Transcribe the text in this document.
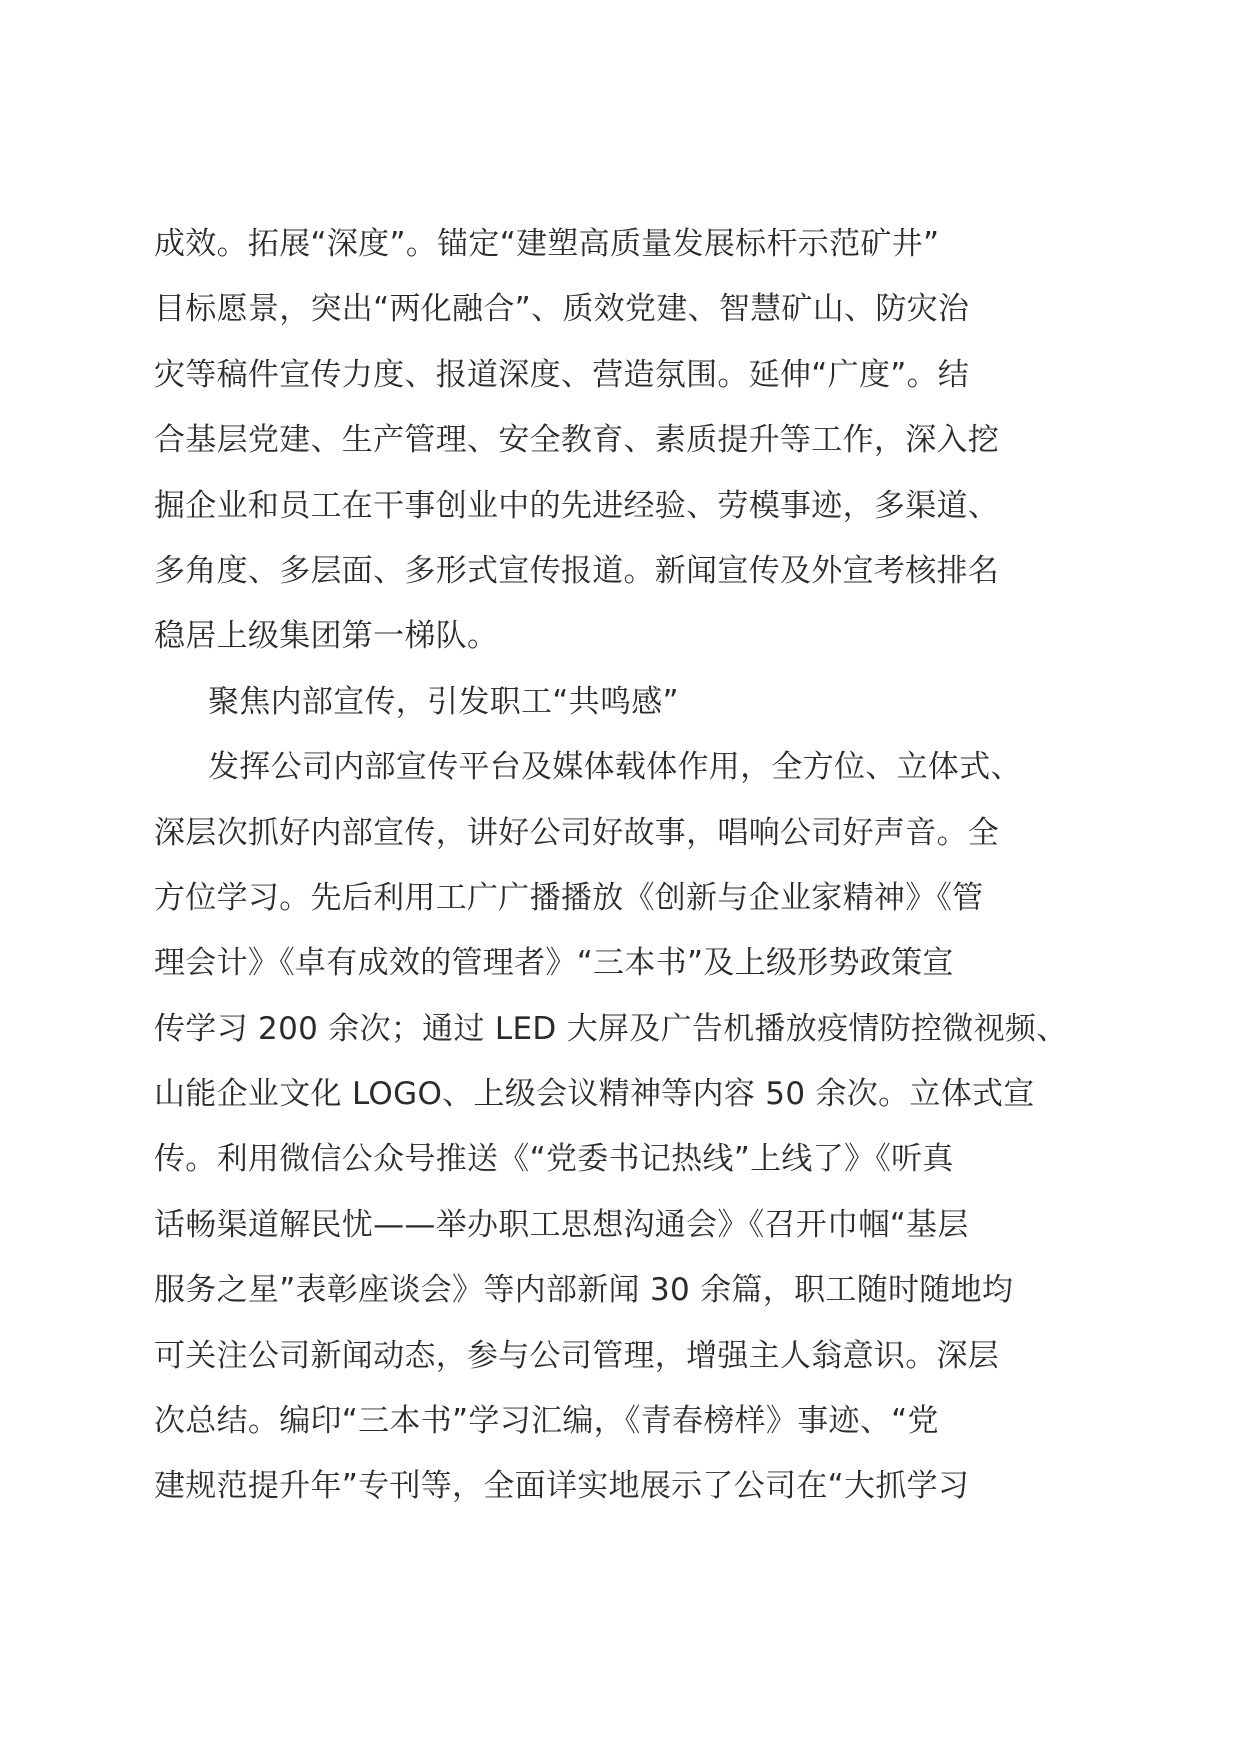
成效。拓展“深度”。锚定“建塑高质量发展标杆示范矿井”
目标愿景，突出“两化融合”、质效党建、智慧矿山、防灾治
灾等稿件宣传力度、报道深度、营造氛围。延伸“广度”。结
合基层党建、生产管理、安全教育、素质提升等工作，深入挖
掘企业和员工在干事创业中的先进经验、劳模事迹，多渠道、
多角度、多层面、多形式宣传报道。新闻宣传及外宣考核排名
稳居上级集团第一梯队。
聚焦内部宣传，引发职工“共鸣感”
发挥公司内部宣传平台及媒体载体作用，全方位、立体式、
深层次抓好内部宣传，讲好公司好故事，唱响公司好声音。全
方位学习。先后利用工广广播播放《创新与企业家精神》《管
理会计》《卓有成效的管理者》“三本书”及上级形势政策宣
传学习 200 余次；通过 LED 大屏及广告机播放疫情防控微视频、
山能企业文化 LOGO、上级会议精神等内容 50 余次。立体式宣
传。利用微信公众号推送《“党委书记热线”上线了》《听真
话畅渠道解民忧——举办职工思想沟通会》《召开巾帼“基层
服务之星”表彰座谈会》等内部新闻 30 余篇，职工随时随地均
可关注公司新闻动态，参与公司管理，增强主人翁意识。深层
次总结。编印“三本书”学习汇编，《青春榜样》事迹、“党
建规范提升年”专刊等，全面详实地展示了公司在“大抓学习
